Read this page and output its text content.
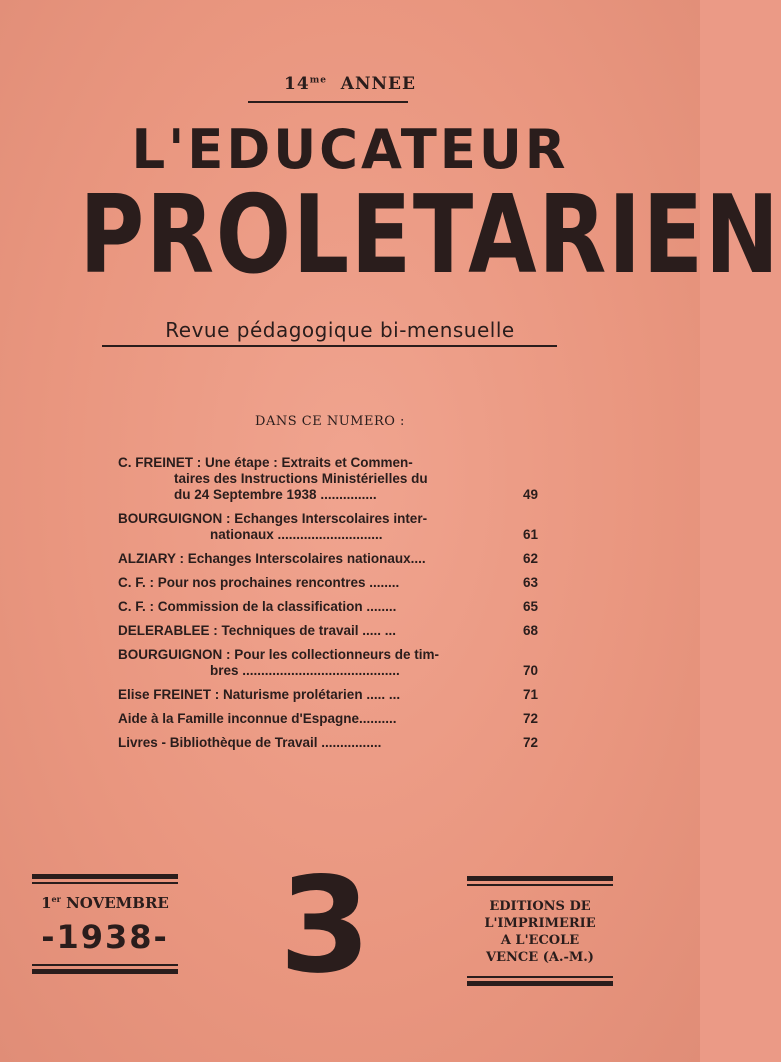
$14^{me}$ ANNEE
L'EDUCATEUR
PROLETARIEN
Revue pédagogique bi-mensuelle
DANS CE NUMERO :
C. FREINET : Une étape : Extraits et Commen-
taires des Instructions Ministérielles du
du 24 Septembre 1938 ...............	49
BOURGUIGNON : Echanges Interscolaires inter-
nationaux ............................	61
ALZIARY : Echanges Interscolaires nationaux....	62
C. F. : Pour nos prochaines rencontres ........	63
C. F. : Commission de la classification ........	65
DELERABLEE : Techniques de travail ..... ...	68
BOURGUIGNON : Pour les collectionneurs de tim-
bres ..........................................	70
Elise FREINET : Naturisme prolétarien ..... ...	71
Aide à la Famille inconnue d'Espagne..........	72
Livres - Bibliothèque de Travail ................	72
1er NOVEMBRE
-1938- 3	EDITIONS DE
L'IMPRIMERIE
A L'ECOLE
VENCE (A.-M.)
